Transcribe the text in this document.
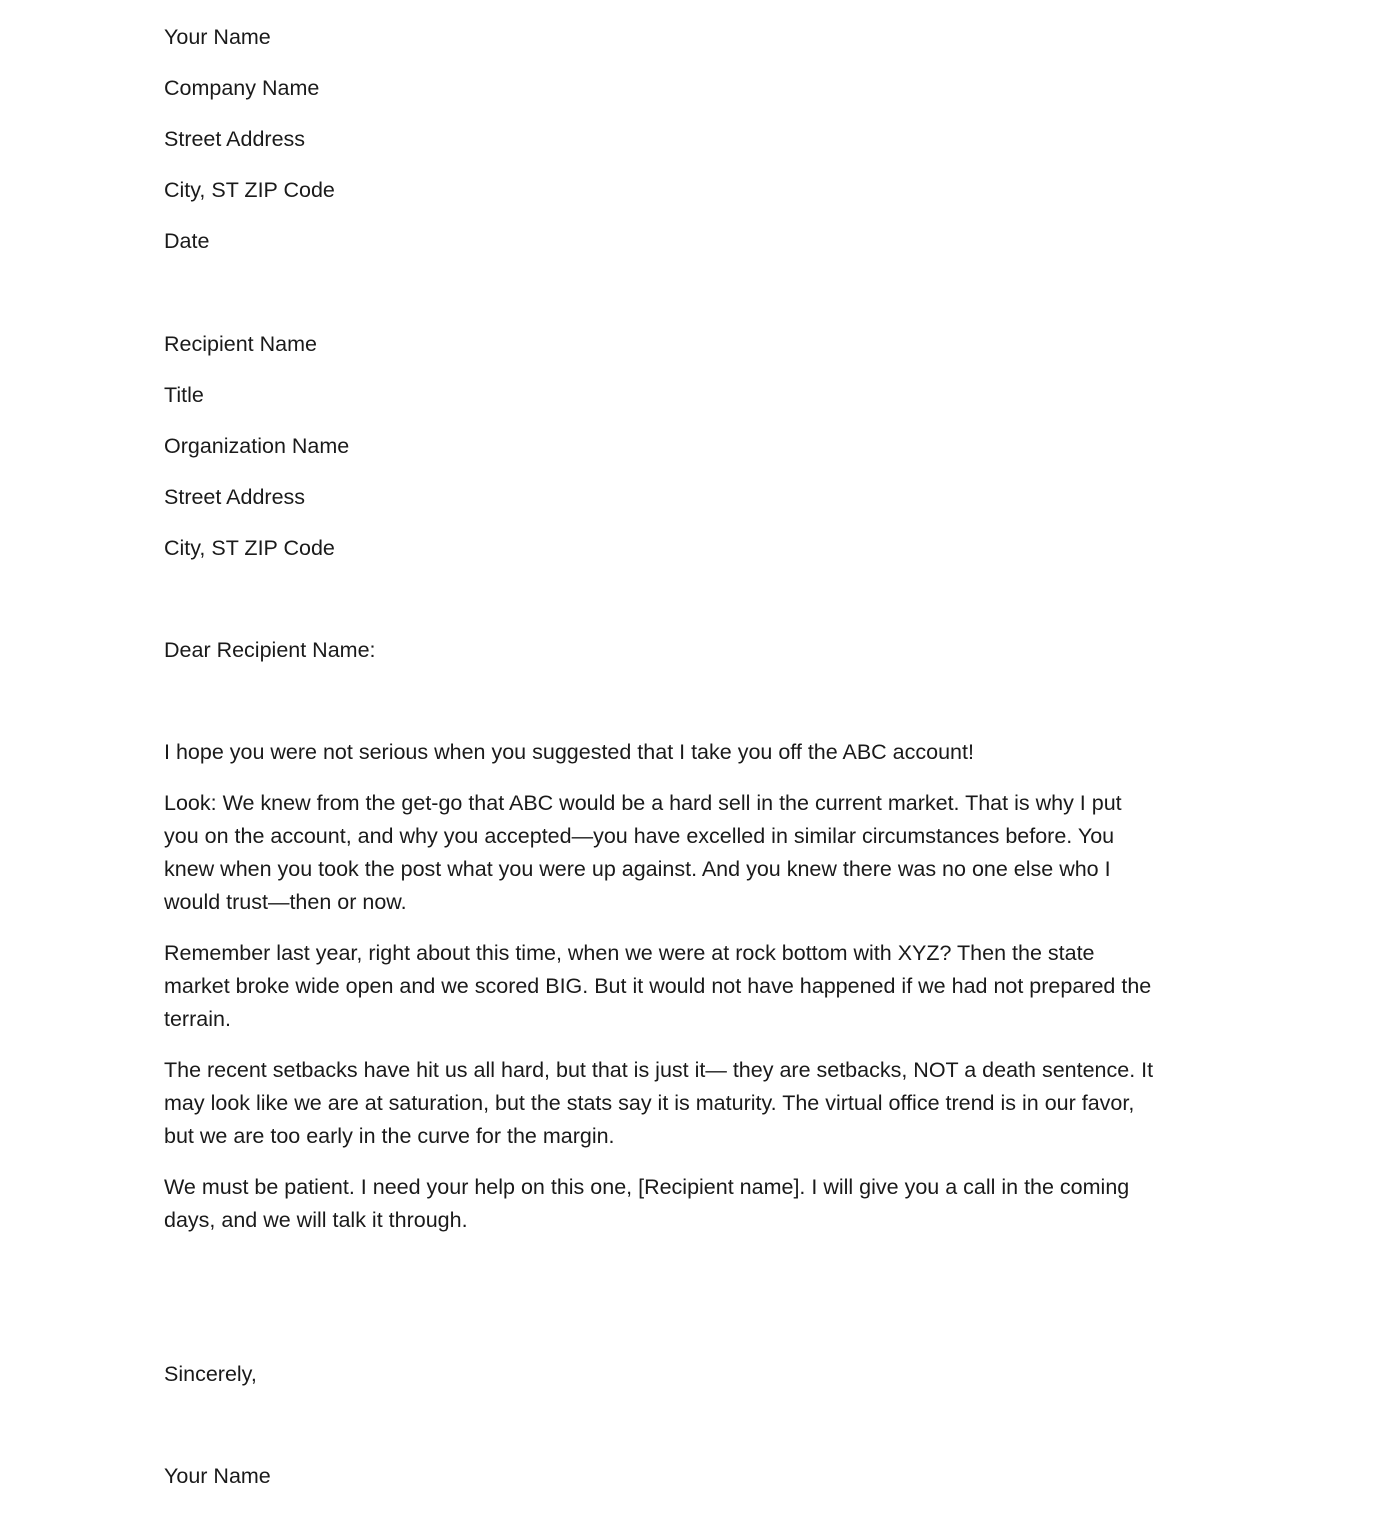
Your Name
Company Name
Street Address
City, ST ZIP Code
Date
Recipient Name
Title
Organization Name
Street Address
City, ST ZIP Code
Dear Recipient Name:
I hope you were not serious when you suggested that I take you off the ABC account!
Look: We knew from the get-go that ABC would be a hard sell in the current market. That is why I put
you on the account, and why you accepted—you have excelled in similar circumstances before. You
knew when you took the post what you were up against. And you knew there was no one else who I
would trust—then or now.
Remember last year, right about this time, when we were at rock bottom with XYZ? Then the state
market broke wide open and we scored BIG. But it would not have happened if we had not prepared the
terrain.
The recent setbacks have hit us all hard, but that is just it— they are setbacks, NOT a death sentence. It
may look like we are at saturation, but the stats say it is maturity. The virtual office trend is in our favor,
but we are too early in the curve for the margin.
We must be patient. I need your help on this one, [Recipient name]. I will give you a call in the coming
days, and we will talk it through.
Sincerely,
Your Name
